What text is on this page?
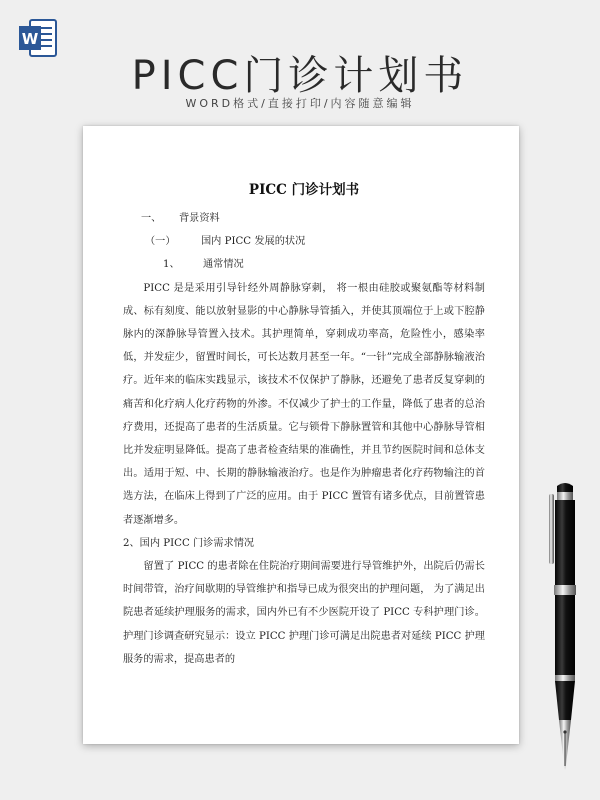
W
PICC门诊计划书
WORD格式/直接打印/内容随意编辑
PICC 门诊计划书
一、 背景资料
（一） 国内 PICC 发展的状况
1、 通常情况

PICC 是是采用引导针经外周静脉穿刺， 将一根由硅胶或聚氨酯等材料制成、标有刻度、能以放射显影的中心静脉导管插入，并使其顶端位于上或下腔静脉内的深静脉导管置入技术。其护理简单，穿刺成功率高，危险性小，感染率低，并发症少，留置时间长，可长达数月甚至一年。“一针”完成全部静脉输液治疗。近年来的临床实践显示，该技术不仅保护了静脉，还避免了患者反复穿刺的痛苦和化疗病人化疗药物的外渗。不仅减少了护士的工作量，降低了患者的总治疗费用，还提高了患者的生活质量。它与锁骨下静脉置管和其他中心静脉导管相比并发症明显降低。提高了患者检查结果的准确性，并且节约医院时间和总体支出。适用于短、中、长期的静脉输液治疗。也是作为肿瘤患者化疗药物输注的首选方法，在临床上得到了广泛的应用。由于 PICC 置管有诸多优点，目前置管患者逐渐增多。

2、国内 PICC 门诊需求情况

留置了 PICC 的患者除在住院治疗期间需要进行导管维护外，出院后仍需长时间带管，治疗间歇期的导管维护和指导已成为很突出的护理问题， 为了满足出院患者延续护理服务的需求，国内外已有不少医院开设了 PICC 专科护理门诊。护理门诊调查研究显示：设立 PICC 护理门诊可满足出院患者对延续 PICC 护理服务的需求，提高患者的
